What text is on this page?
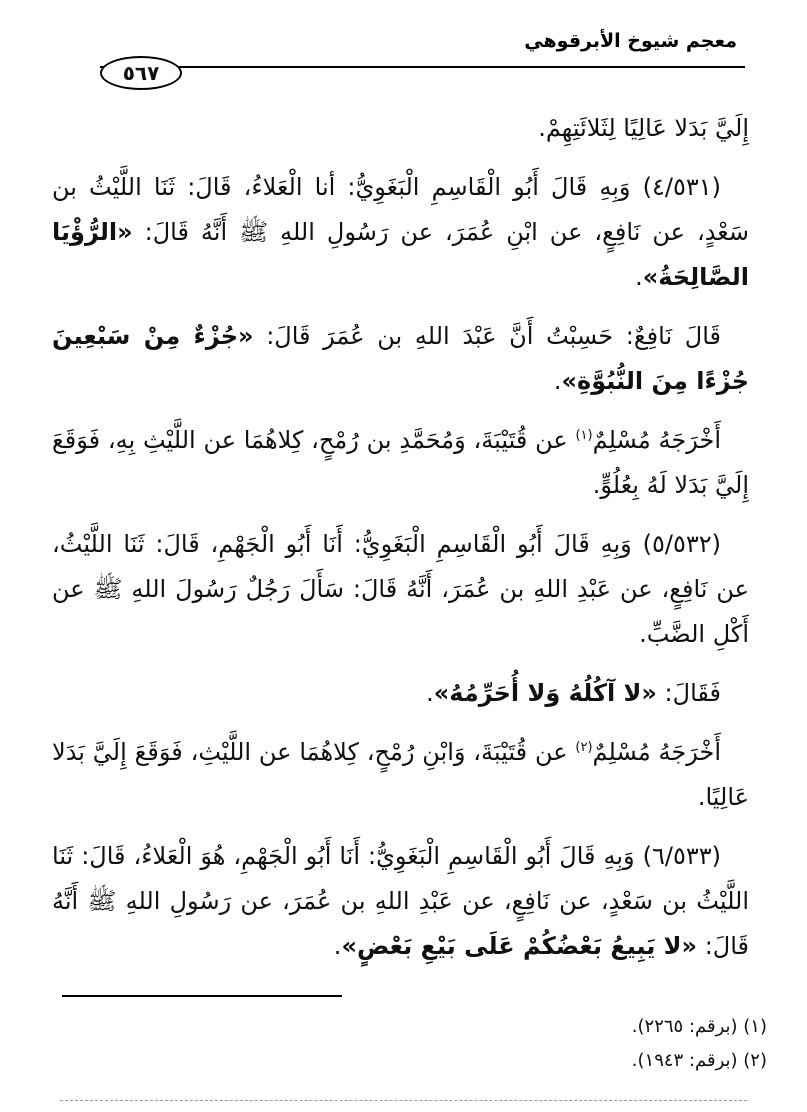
معجم شيوخ الأبرقوهي
٥٦٧

إِلَيَّ بَدَلا عَالِيًا لِثَلائَتِهِمْ.

(٤/٥٣١) وَبِهِ قَالَ أَبُو الْقَاسِمِ الْبَغَوِيُّ: أنا الْعَلاءُ، قَالَ: ثَنَا اللَّيْثُ بن سَعْدٍ، عن نَافِعٍ، عن ابْنِ عُمَرَ، عن رَسُولِ اللهِ ﷺ أَنَّهُ قَالَ: «الرُّؤْيَا الصَّالِحَةُ».

قَالَ نَافِعٌ: حَسِبْتُ أَنَّ عَبْدَ اللهِ بن عُمَرَ قَالَ: «جُزْءٌ مِنْ سَبْعِينَ جُزْءًا مِنَ النُّبُوَّةِ».

أَخْرَجَهُ مُسْلِمٌ$^{(١)}$ عن قُتَيْبَةَ، وَمُحَمَّدِ بن رُمْحٍ، كِلاهُمَا عن اللَّيْثِ بِهِ، فَوَقَعَ إِلَيَّ بَدَلا لَهُ بِعُلُوٍّ.

(٥/٥٣٢) وَبِهِ قَالَ أَبُو الْقَاسِمِ الْبَغَوِيُّ: أَنَا أَبُو الْجَهْمِ، قَالَ: ثَنَا اللَّيْثُ، عن نَافِعٍ، عن عَبْدِ اللهِ بن عُمَرَ، أَنَّهُ قَالَ: سَأَلَ رَجُلٌ رَسُولَ اللهِ ﷺ عن أَكْلِ الضَّبِّ.

فَقَالَ: «لا آكُلُهُ وَلا أُحَرِّمُهُ».

أَخْرَجَهُ مُسْلِمٌ$^{(٢)}$ عن قُتَيْبَةَ، وَابْنِ رُمْحٍ، كِلاهُمَا عن اللَّيْثِ، فَوَقَعَ إِلَيَّ بَدَلا عَالِيًا.

(٦/٥٣٣) وَبِهِ قَالَ أَبُو الْقَاسِمِ الْبَغَوِيُّ: أَنَا أَبُو الْجَهْمِ، هُوَ الْعَلاءُ، قَالَ: ثَنَا اللَّيْثُ بن سَعْدٍ، عن نَافِعٍ، عن عَبْدِ اللهِ بن عُمَرَ، عن رَسُولِ اللهِ ﷺ أَنَّهُ قَالَ: «لا يَبِيعُ بَعْضُكُمْ عَلَى بَيْعِ بَعْضٍ».

(١) (برقم: ٢٢٦٥).
(٢) (برقم: ١٩٤٣).
